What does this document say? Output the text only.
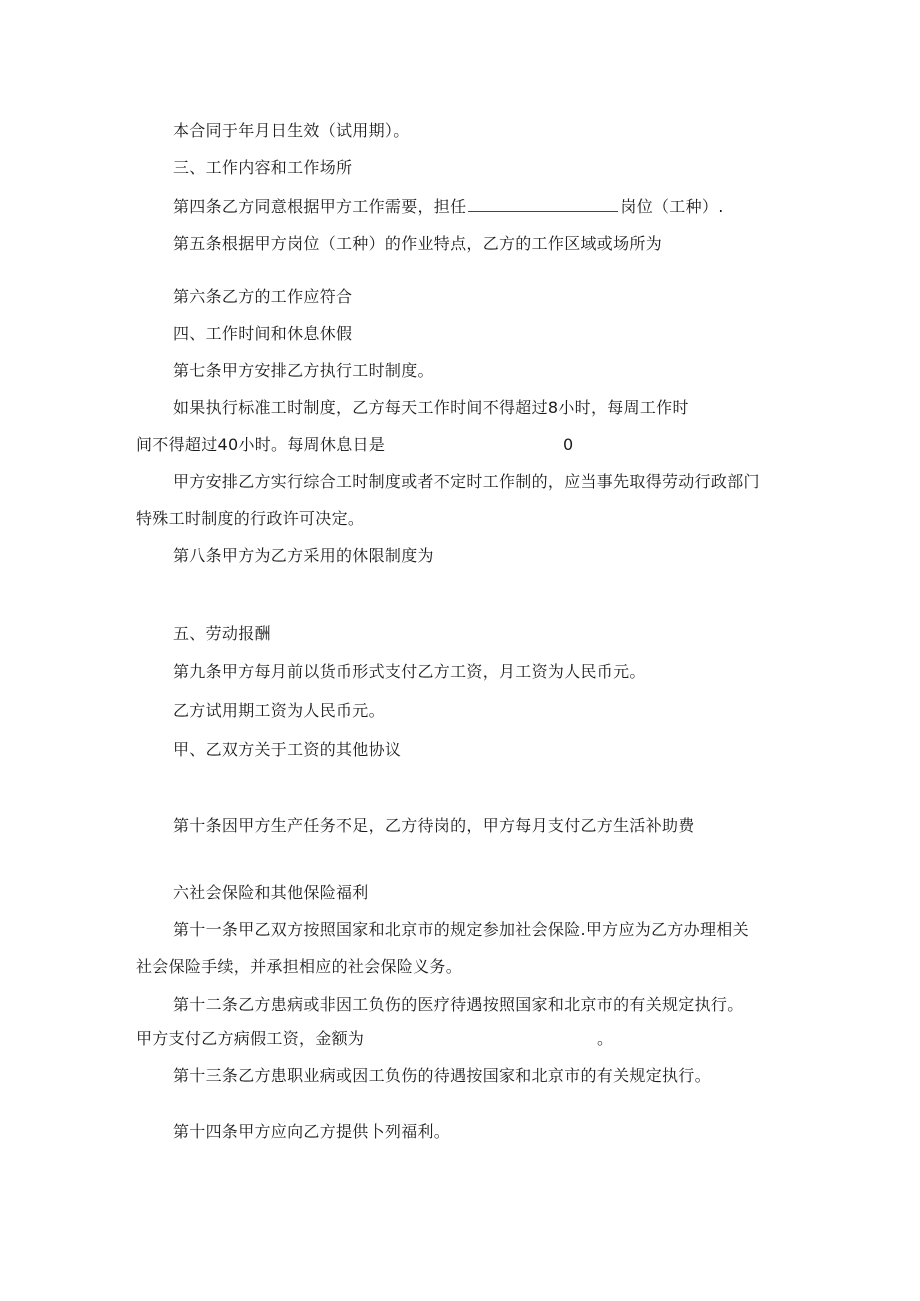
本合同于年月日生效（试用期）。
三、工作内容和工作场所
第四条乙方同意根据甲方工作需要，担任	岗位（工种）.
第五条根据甲方岗位（工种）的作业特点，乙方的工作区域或场所为
第六条乙方的工作应符合
四、工作时间和休息休假
第七条甲方安排乙方执行工时制度。
如果执行标准工时制度，乙方每天工作时间不得超过8小时，每周工作时
间不得超过40小时。每周休息日是	0
甲方安排乙方实行综合工时制度或者不定时工作制的，应当事先取得劳动行政部门
特殊工时制度的行政许可决定。
第八条甲方为乙方采用的休限制度为
五、劳动报酬
第九条甲方每月前以货币形式支付乙方工资，月工资为人民币元。
乙方试用期工资为人民币元。
甲、乙双方关于工资的其他协议
第十条因甲方生产任务不足，乙方待岗的，甲方每月支付乙方生活补助费
六社会保险和其他保险福利
第十一条甲乙双方按照国家和北京市的规定参加社会保险.甲方应为乙方办理相关
社会保险手续，并承担相应的社会保险义务。
第十二条乙方患病或非因工负伤的医疗待遇按照国家和北京市的有关规定执行。
甲方支付乙方病假工资，金额为	。
第十三条乙方患职业病或因工负伤的待遇按国家和北京市的有关规定执行。
第十四条甲方应向乙方提供卜列福利。
